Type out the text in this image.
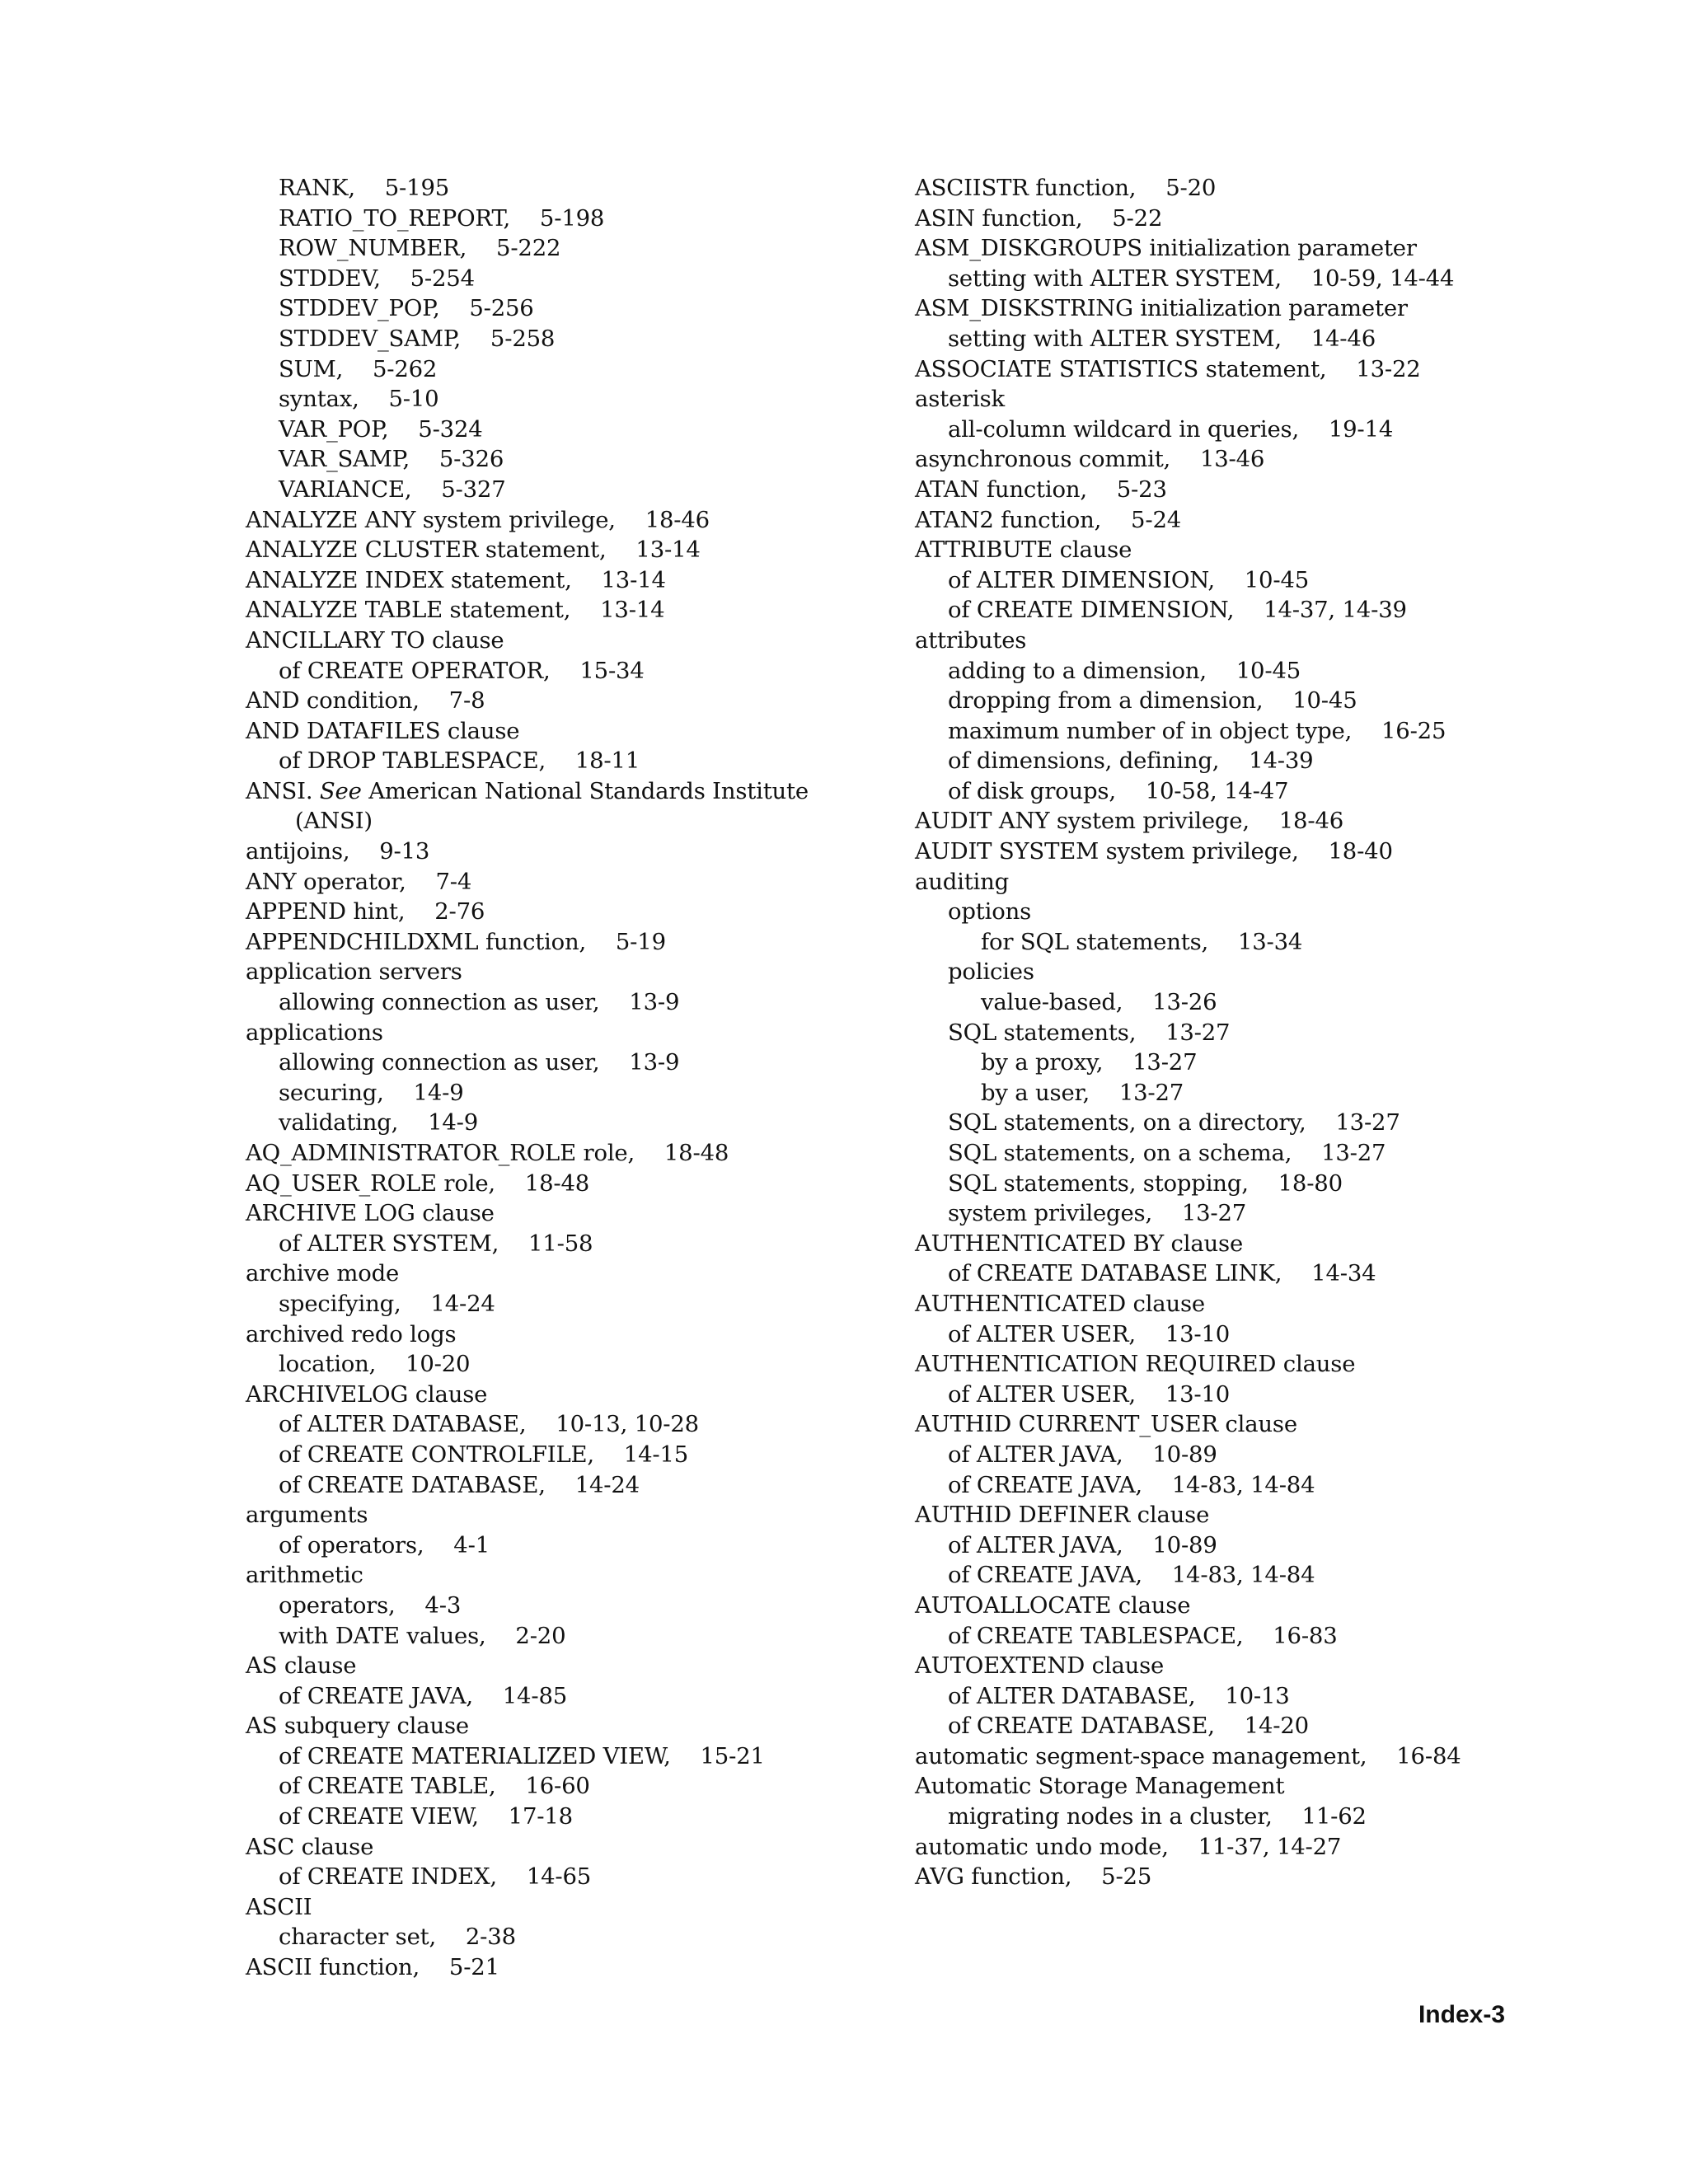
RANK,  5-195
RATIO_TO_REPORT,  5-198
ROW_NUMBER,  5-222
STDDEV,  5-254
STDDEV_POP,  5-256
STDDEV_SAMP,  5-258
SUM,  5-262
syntax,  5-10
VAR_POP,  5-324
VAR_SAMP,  5-326
VARIANCE,  5-327
ANALYZE ANY system privilege,  18-46
ANALYZE CLUSTER statement,  13-14
ANALYZE INDEX statement,  13-14
ANALYZE TABLE statement,  13-14
ANCILLARY TO clause
of CREATE OPERATOR,  15-34
AND condition,  7-8
AND DATAFILES clause
of DROP TABLESPACE,  18-11
ANSI. See American National Standards Institute
(ANSI)
antijoins,  9-13
ANY operator,  7-4
APPEND hint,  2-76
APPENDCHILDXML function,  5-19
application servers
allowing connection as user,  13-9
applications
allowing connection as user,  13-9
securing,  14-9
validating,  14-9
AQ_ADMINISTRATOR_ROLE role,  18-48
AQ_USER_ROLE role,  18-48
ARCHIVE LOG clause
of ALTER SYSTEM,  11-58
archive mode
specifying,  14-24
archived redo logs
location,  10-20
ARCHIVELOG clause
of ALTER DATABASE,  10-13, 10-28
of CREATE CONTROLFILE,  14-15
of CREATE DATABASE,  14-24
arguments
of operators,  4-1
arithmetic
operators,  4-3
with DATE values,  2-20
AS clause
of CREATE JAVA,  14-85
AS subquery clause
of CREATE MATERIALIZED VIEW,  15-21
of CREATE TABLE,  16-60
of CREATE VIEW,  17-18
ASC clause
of CREATE INDEX,  14-65
ASCII
character set,  2-38
ASCII function,  5-21
ASCIISTR function,  5-20
ASIN function,  5-22
ASM_DISKGROUPS initialization parameter
setting with ALTER SYSTEM,  10-59, 14-44
ASM_DISKSTRING initialization parameter
setting with ALTER SYSTEM,  14-46
ASSOCIATE STATISTICS statement,  13-22
asterisk
all-column wildcard in queries,  19-14
asynchronous commit,  13-46
ATAN function,  5-23
ATAN2 function,  5-24
ATTRIBUTE clause
of ALTER DIMENSION,  10-45
of CREATE DIMENSION,  14-37, 14-39
attributes
adding to a dimension,  10-45
dropping from a dimension,  10-45
maximum number of in object type,  16-25
of dimensions, defining,  14-39
of disk groups,  10-58, 14-47
AUDIT ANY system privilege,  18-46
AUDIT SYSTEM system privilege,  18-40
auditing
options
for SQL statements,  13-34
policies
value-based,  13-26
SQL statements,  13-27
by a proxy,  13-27
by a user,  13-27
SQL statements, on a directory,  13-27
SQL statements, on a schema,  13-27
SQL statements, stopping,  18-80
system privileges,  13-27
AUTHENTICATED BY clause
of CREATE DATABASE LINK,  14-34
AUTHENTICATED clause
of ALTER USER,  13-10
AUTHENTICATION REQUIRED clause
of ALTER USER,  13-10
AUTHID CURRENT_USER clause
of ALTER JAVA,  10-89
of CREATE JAVA,  14-83, 14-84
AUTHID DEFINER clause
of ALTER JAVA,  10-89
of CREATE JAVA,  14-83, 14-84
AUTOALLOCATE clause
of CREATE TABLESPACE,  16-83
AUTOEXTEND clause
of ALTER DATABASE,  10-13
of CREATE DATABASE,  14-20
automatic segment-space management,  16-84
Automatic Storage Management
migrating nodes in a cluster,  11-62
automatic undo mode,  11-37, 14-27
AVG function,  5-25
Index-3
